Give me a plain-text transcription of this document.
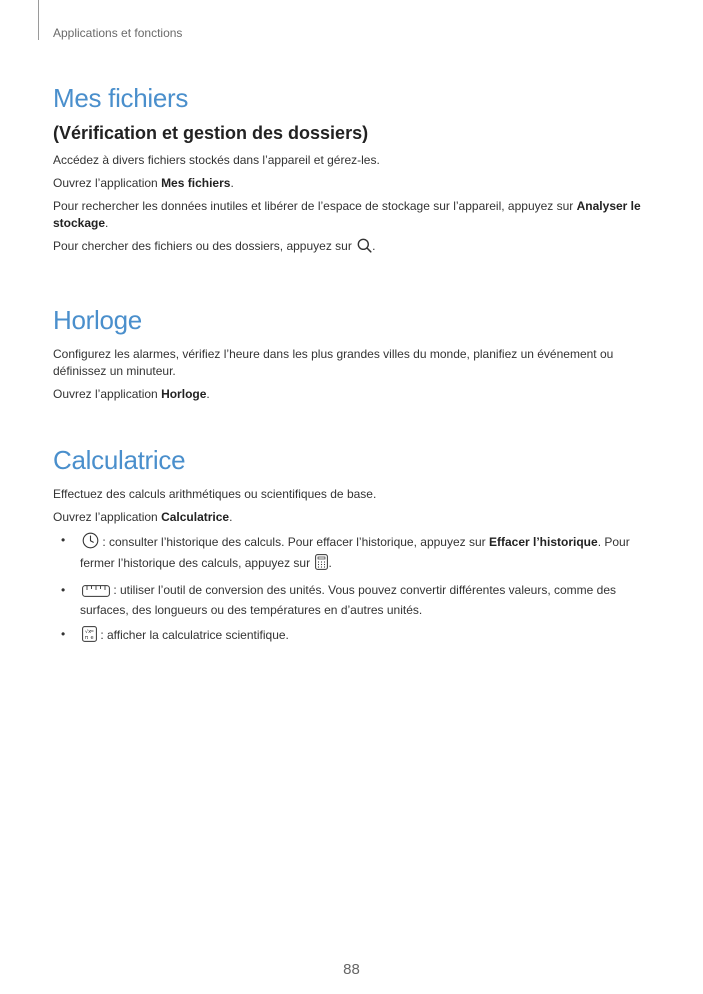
Applications et fonctions
Mes fichiers
(Vérification et gestion des dossiers)

Accédez à divers fichiers stockés dans l’appareil et gérez-les.

Ouvrez l’application Mes fichiers.

Pour rechercher les données inutiles et libérer de l’espace de stockage sur l’appareil, appuyez sur Analyser le stockage.

Pour chercher des fichiers ou des dossiers, appuyez sur .

Horloge

Configurez les alarmes, vérifiez l’heure dans les plus grandes villes du monde, planifiez un événement ou définissez un minuteur.

Ouvrez l’application Horloge.

Calculatrice

Effectuez des calculs arithmétiques ou scientifiques de base.

Ouvrez l’application Calculatrice.

•	: consulter l’historique des calculs. Pour effacer l’historique, appuyez sur Effacer l’historique. Pour fermer l’historique des calculs, appuyez sur .
•	: utiliser l’outil de conversion des unités. Vous pouvez convertir différentes valeurs, comme des surfaces, des longueurs ou des températures en d’autres unités.
•	√x
π e : afficher la calculatrice scientifique.
88
